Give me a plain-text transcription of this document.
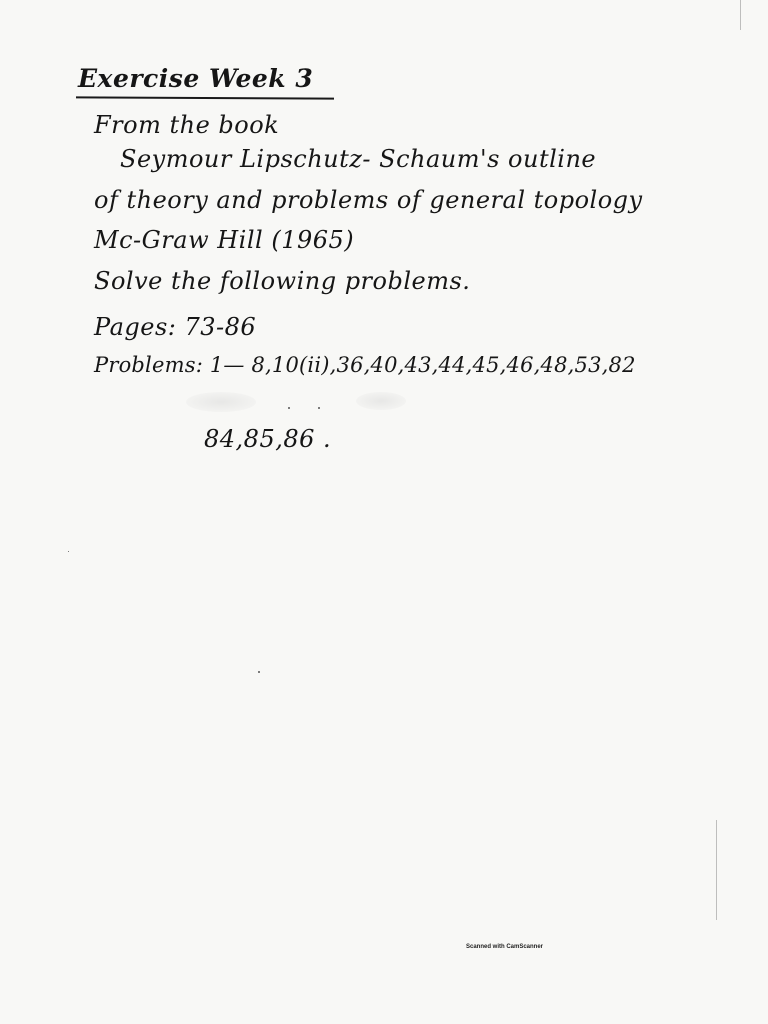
Exercise Week 3
From the book
Seymour Lipschutz- Schaum's outline
of theory and problems of general topology
Mc-Graw Hill (1965)
Solve the following problems.
Pages: 73-86
Problems: 1— 8,10(ii),36,40,43,44,45,46,48,53,82
84,85,86 .
Scanned with CamScanner
